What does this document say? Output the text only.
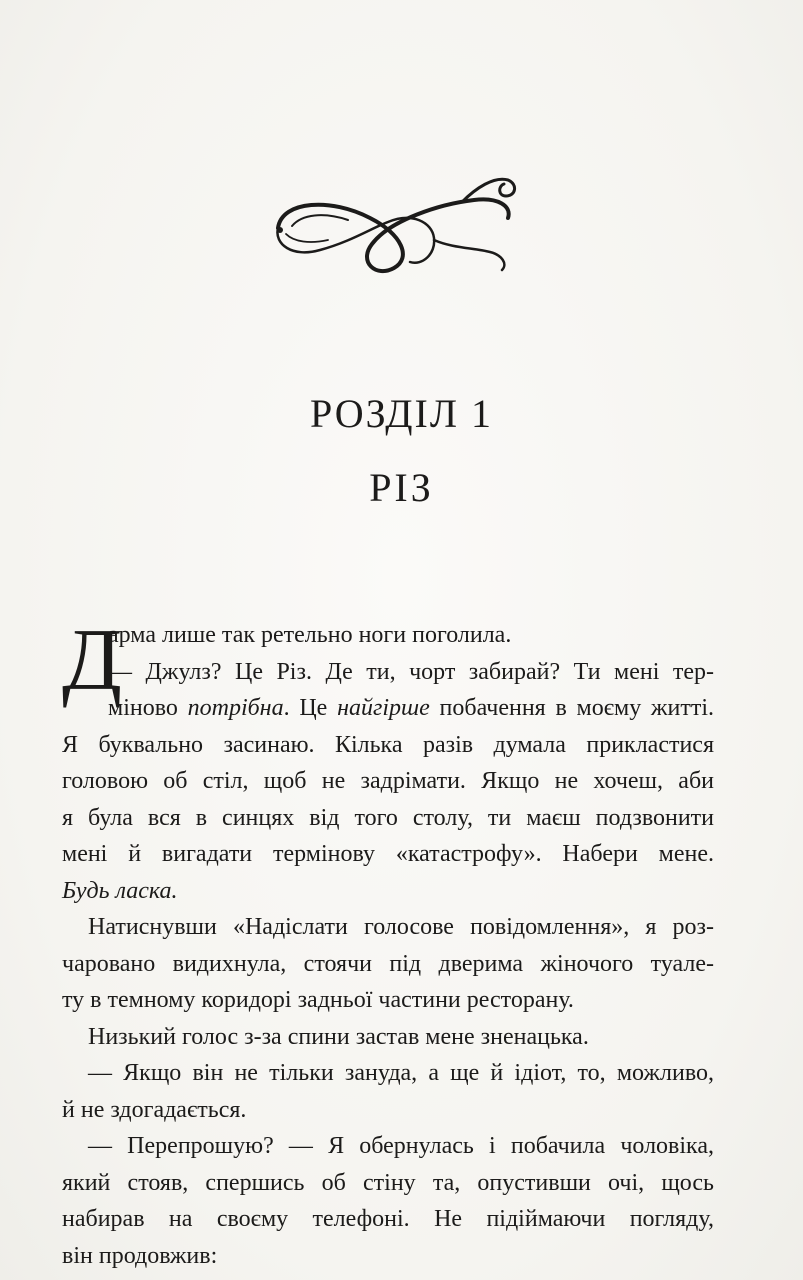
РОЗДІЛ 1
РІЗ
Д
арма лише так ретельно ноги поголила.
— Джулз? Це Різ. Де ти, чорт забирай? Ти мені тер-
міново потрібна. Це найгірше побачення в моєму житті.
Я буквально засинаю. Кілька разів думала прикластися
головою об стіл, щоб не задрімати. Якщо не хочеш, аби
я була вся в синцях від того столу, ти маєш подзвонити
мені й вигадати термінову «катастрофу». Набери мене.
Будь ласка.
Натиснувши «Надіслати голосове повідомлення», я роз-
чаровано видихнула, стоячи під дверима жіночого туале-
ту в темному коридорі задньої частини ресторану.
Низький голос з-за спини застав мене зненацька.
— Якщо він не тільки зануда, а ще й ідіот, то, можливо,
й не здогадається.
— Перепрошую? — Я обернулась і побачила чоловіка,
який стояв, спершись об стіну та, опустивши очі, щось
набирав на своєму телефоні. Не підіймаючи погляду,
він продовжив:
